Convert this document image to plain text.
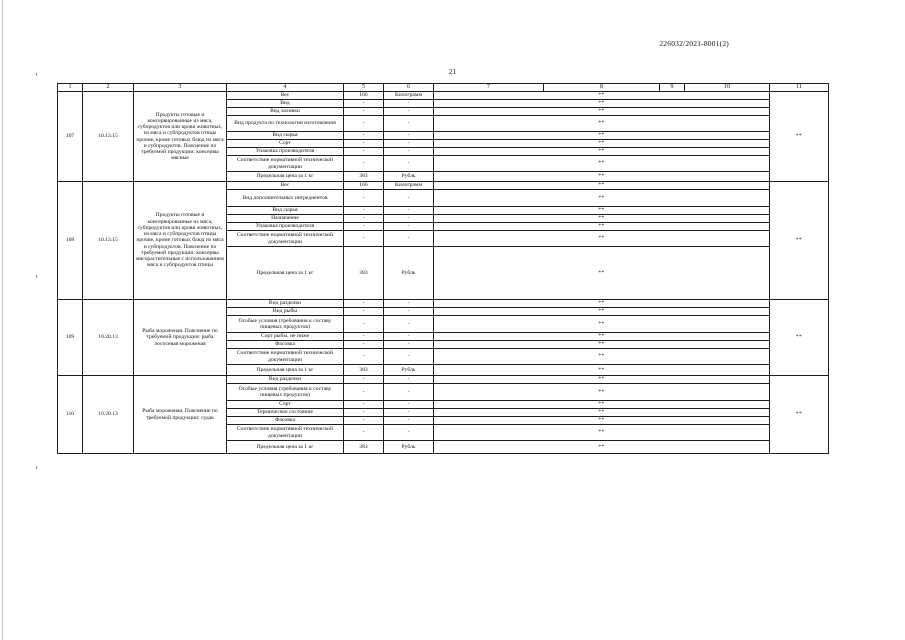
226032/2021-8001(2)
21
1	2	3	4	5	6	7	8	9	10	11
107	10.13.15	Продукты готовые и консервированные из мяса, субпродуктов или крови животных, из мяса и субпродуктов птицы прочие, кроме готовых блюд из мяса и субпродуктов. Пояснение по требуемой продукции: консервы мясные	Вес	166	Килограмм	**				**
			Вид	-	-	**				
			Вид заливки	-	-	**				
			Вид продукта по технологии изготовления	-	-	**				
			Вид сырья	-	-	**				
			Сорт	-	-	**				
			Упаковка производителя	-	-	**				
			Соответствие нормативной технической документации	-	-	**				
			Предельная цена за 1 кг	383	Рубль	**				
108	10.13.15	Продукты готовые и консервированные из мяса, субпродуктов или крови животных, из мяса и субпродуктов птицы прочие, кроме готовых блюд из мяса и субпродуктов. Пояснение по требуемой продукции: консервы мясорастительные с использованием мяса и субпродуктов птицы	Вес	166	Килограмм	**				**
			Вид дополнительных ингредиентов	-	-	**				
			Вид сырья	-	-	**				
			Назначение	-	-	**				
			Упаковка производителя	-	-	**				
			Соответствие нормативной технической документации	-	-	**				
			Предельная цена за 1 кг	383	Рубль	**				
109	10.20.13	Рыба мороженая. Пояснение по требуемой продукции: рыба лососевая мороженая	Вид разделки	-	-	**				**
			Вид рыбы	-	-	**				
			Особые условия (требования к составу пищевых продуктов)	-	-	**				
			Сорт рыбы, не ниже	-	-	**				
			Фасовка	-	-	**				
			Соответствие нормативной технической документации	-	-	**				
			Предельная цена за 1 кг	383	Рубль	**				
110	10.20.13	Рыба мороженая. Пояснение по требуемой продукции: судак	Вид разделки	-	-	**				**
			Особые условия (требования к составу пищевых продуктов)	-	-	**				
			Сорт	-	-	**				
			Термическое состояние	-	-	**				
			Фасовка	-	-	**				
			Соответствие нормативной технической документации	-	-	**				
			Предельная цена за 1 кг	383	Рубль	**				
